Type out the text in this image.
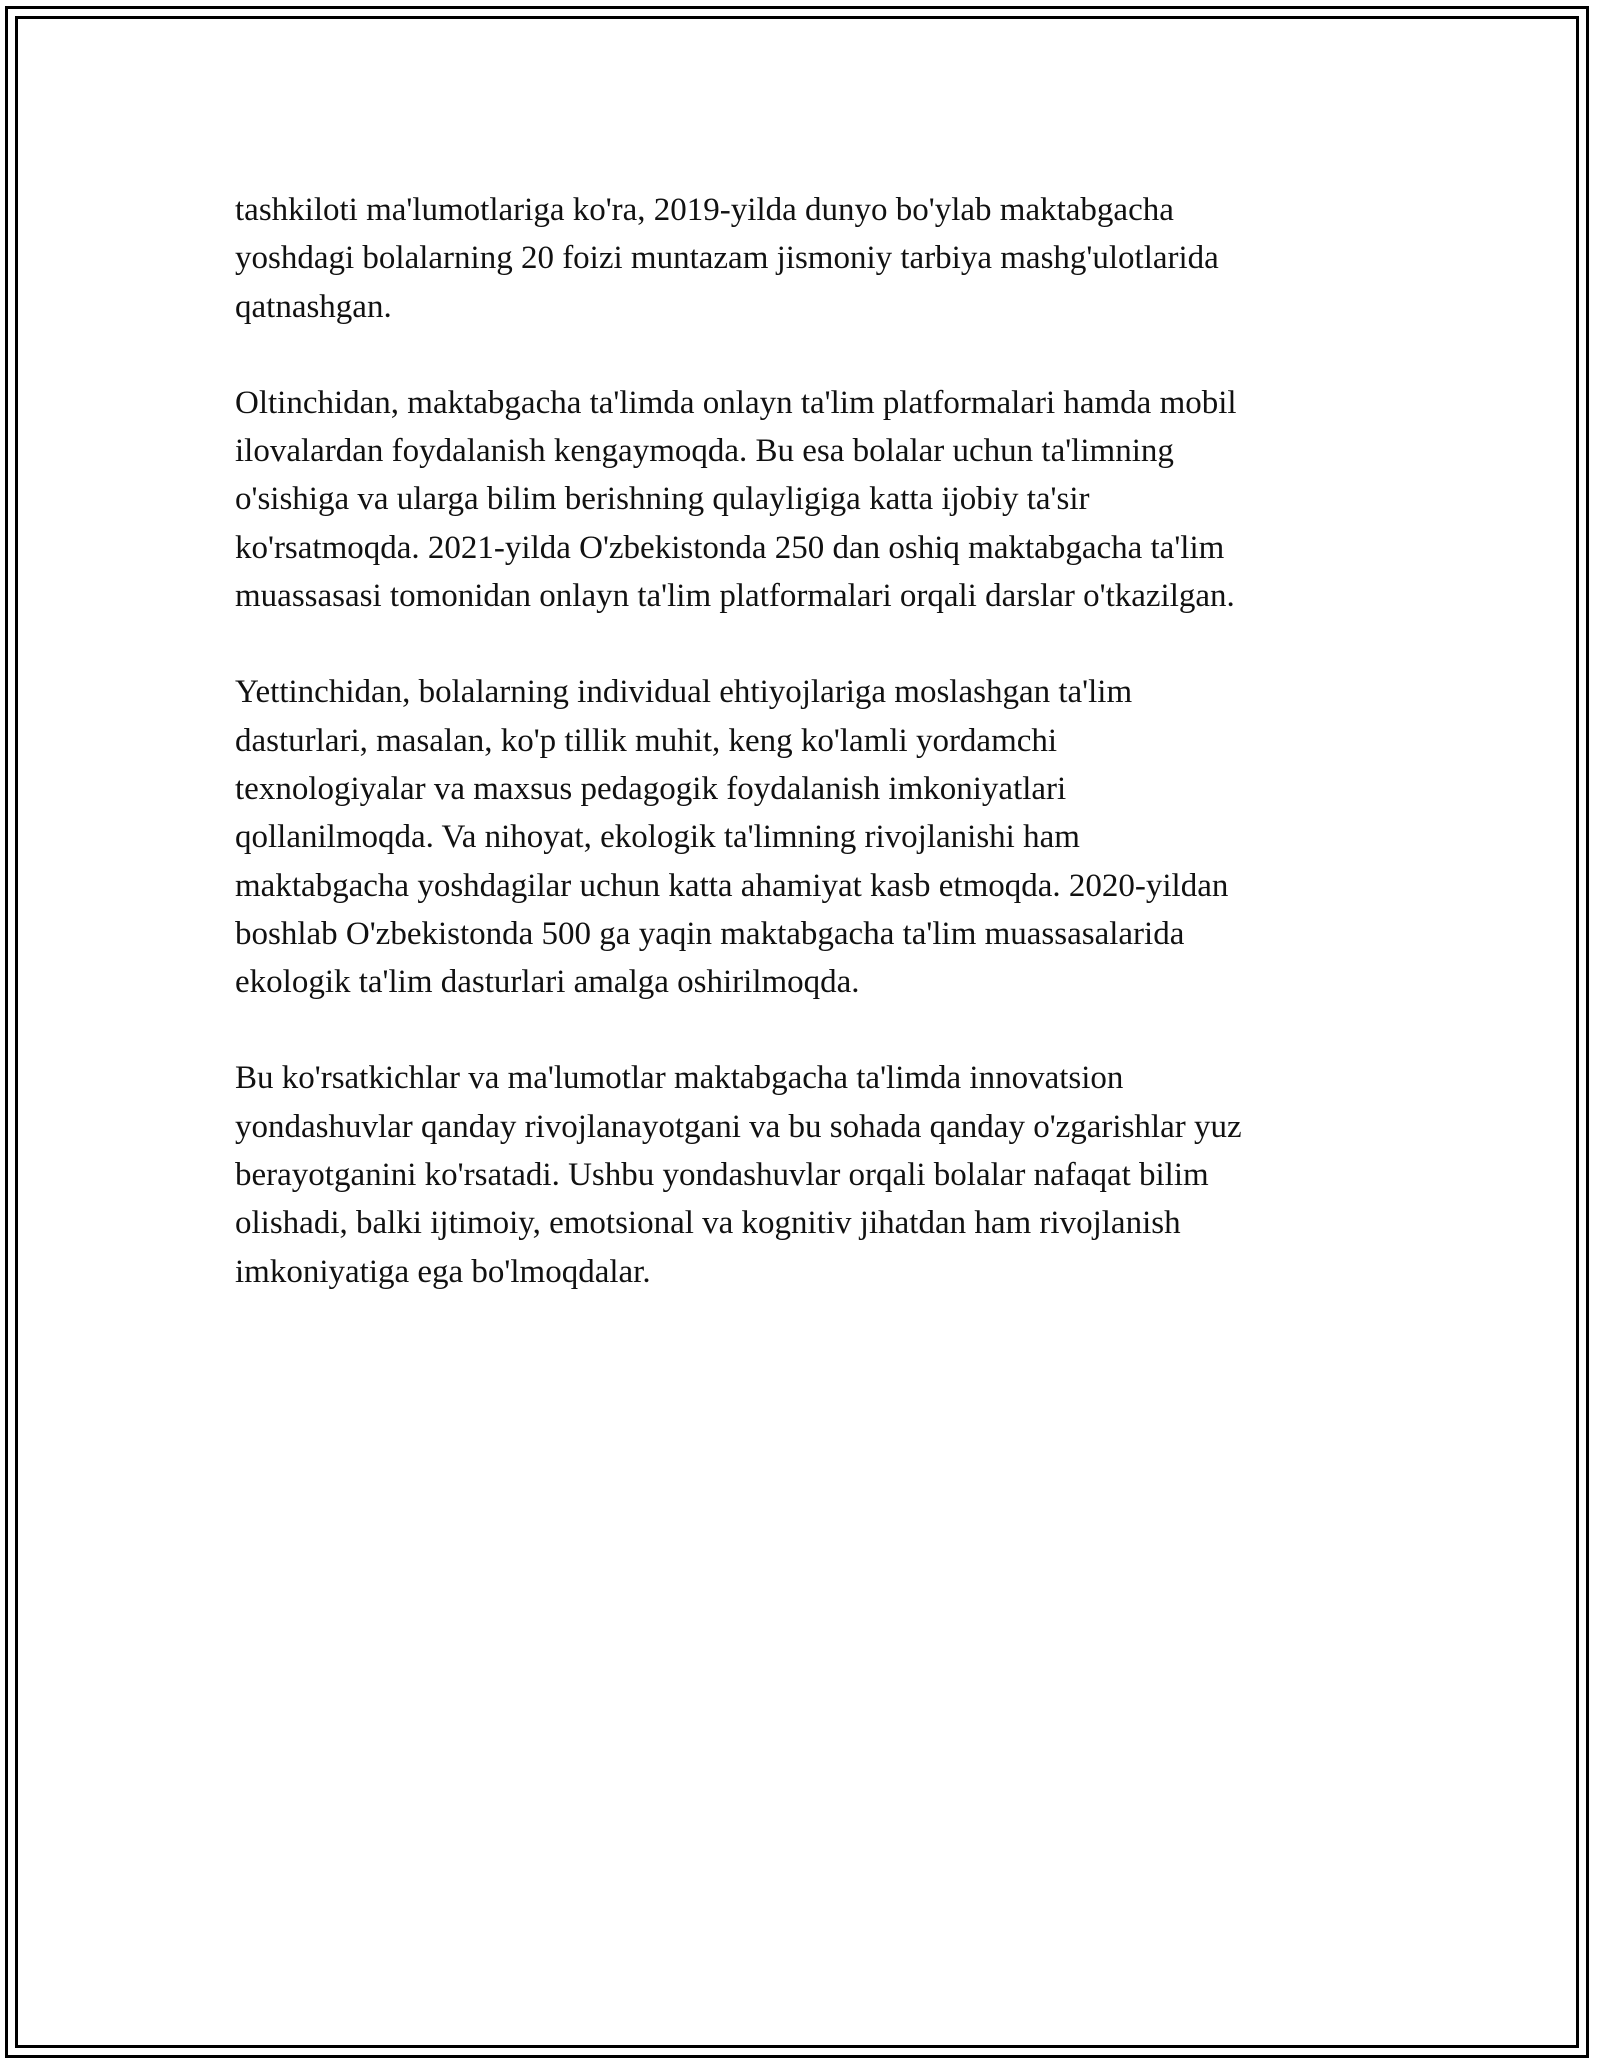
tashkiloti ma'lumotlariga ko'ra, 2019-yilda dunyo bo'ylab maktabgacha
yoshdagi bolalarning 20 foizi muntazam jismoniy tarbiya mashg'ulotlarida
qatnashgan.

Oltinchidan, maktabgacha ta'limda onlayn ta'lim platformalari hamda mobil
ilovalardan foydalanish kengaymoqda. Bu esa bolalar uchun ta'limning
o'sishiga va ularga bilim berishning qulayligiga katta ijobiy ta'sir
ko'rsatmoqda. 2021-yilda O'zbekistonda 250 dan oshiq maktabgacha ta'lim
muassasasi tomonidan onlayn ta'lim platformalari orqali darslar o'tkazilgan.

Yettinchidan, bolalarning individual ehtiyojlariga moslashgan ta'lim
dasturlari, masalan, ko'p tillik muhit, keng ko'lamli yordamchi
texnologiyalar va maxsus pedagogik foydalanish imkoniyatlari
qollanilmoqda. Va nihoyat, ekologik ta'limning rivojlanishi ham
maktabgacha yoshdagilar uchun katta ahamiyat kasb etmoqda. 2020-yildan
boshlab O'zbekistonda 500 ga yaqin maktabgacha ta'lim muassasalarida
ekologik ta'lim dasturlari amalga oshirilmoqda.

Bu ko'rsatkichlar va ma'lumotlar maktabgacha ta'limda innovatsion
yondashuvlar qanday rivojlanayotgani va bu sohada qanday o'zgarishlar yuz
berayotganini ko'rsatadi. Ushbu yondashuvlar orqali bolalar nafaqat bilim
olishadi, balki ijtimoiy, emotsional va kognitiv jihatdan ham rivojlanish
imkoniyatiga ega bo'lmoqdalar.
